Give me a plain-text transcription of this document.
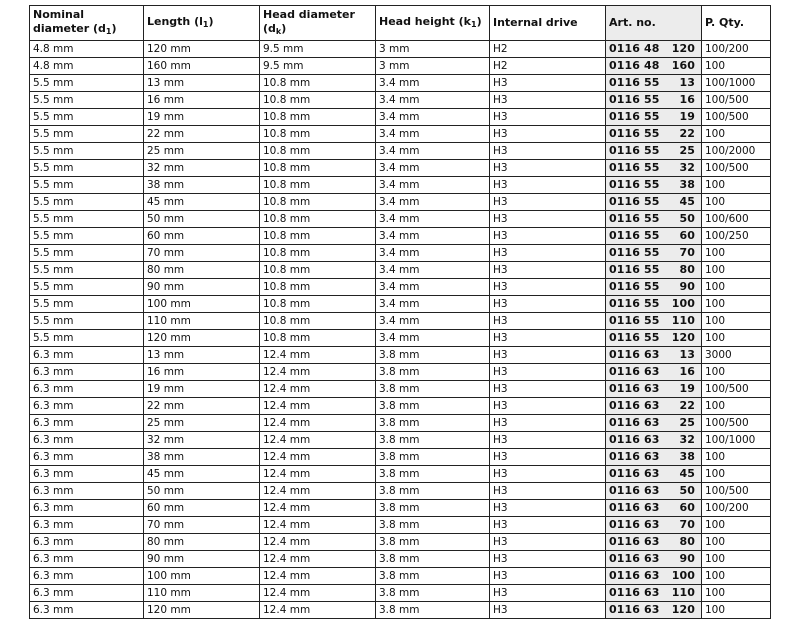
Nominal diameter $(d_1)$	Length $(l_1)$	Head diameter $(d_k)$	Head height $(k_1)$	Internal drive	Art. no.	P. Qty.
4.8 mm	120 mm	9.5 mm	3 mm	H2	0116 48 120	100/200
4.8 mm	160 mm	9.5 mm	3 mm	H2	0116 48 160	100
5.5 mm	13 mm	10.8 mm	3.4 mm	H3	0116 55 13	100/1000
5.5 mm	16 mm	10.8 mm	3.4 mm	H3	0116 55 16	100/500
5.5 mm	19 mm	10.8 mm	3.4 mm	H3	0116 55 19	100/500
5.5 mm	22 mm	10.8 mm	3.4 mm	H3	0116 55 22	100
5.5 mm	25 mm	10.8 mm	3.4 mm	H3	0116 55 25	100/2000
5.5 mm	32 mm	10.8 mm	3.4 mm	H3	0116 55 32	100/500
5.5 mm	38 mm	10.8 mm	3.4 mm	H3	0116 55 38	100
5.5 mm	45 mm	10.8 mm	3.4 mm	H3	0116 55 45	100
5.5 mm	50 mm	10.8 mm	3.4 mm	H3	0116 55 50	100/600
5.5 mm	60 mm	10.8 mm	3.4 mm	H3	0116 55 60	100/250
5.5 mm	70 mm	10.8 mm	3.4 mm	H3	0116 55 70	100
5.5 mm	80 mm	10.8 mm	3.4 mm	H3	0116 55 80	100
5.5 mm	90 mm	10.8 mm	3.4 mm	H3	0116 55 90	100
5.5 mm	100 mm	10.8 mm	3.4 mm	H3	0116 55 100	100
5.5 mm	110 mm	10.8 mm	3.4 mm	H3	0116 55 110	100
5.5 mm	120 mm	10.8 mm	3.4 mm	H3	0116 55 120	100
6.3 mm	13 mm	12.4 mm	3.8 mm	H3	0116 63 13	3000
6.3 mm	16 mm	12.4 mm	3.8 mm	H3	0116 63 16	100
6.3 mm	19 mm	12.4 mm	3.8 mm	H3	0116 63 19	100/500
6.3 mm	22 mm	12.4 mm	3.8 mm	H3	0116 63 22	100
6.3 mm	25 mm	12.4 mm	3.8 mm	H3	0116 63 25	100/500
6.3 mm	32 mm	12.4 mm	3.8 mm	H3	0116 63 32	100/1000
6.3 mm	38 mm	12.4 mm	3.8 mm	H3	0116 63 38	100
6.3 mm	45 mm	12.4 mm	3.8 mm	H3	0116 63 45	100
6.3 mm	50 mm	12.4 mm	3.8 mm	H3	0116 63 50	100/500
6.3 mm	60 mm	12.4 mm	3.8 mm	H3	0116 63 60	100/200
6.3 mm	70 mm	12.4 mm	3.8 mm	H3	0116 63 70	100
6.3 mm	80 mm	12.4 mm	3.8 mm	H3	0116 63 80	100
6.3 mm	90 mm	12.4 mm	3.8 mm	H3	0116 63 90	100
6.3 mm	100 mm	12.4 mm	3.8 mm	H3	0116 63 100	100
6.3 mm	110 mm	12.4 mm	3.8 mm	H3	0116 63 110	100
6.3 mm	120 mm	12.4 mm	3.8 mm	H3	0116 63 120	100
